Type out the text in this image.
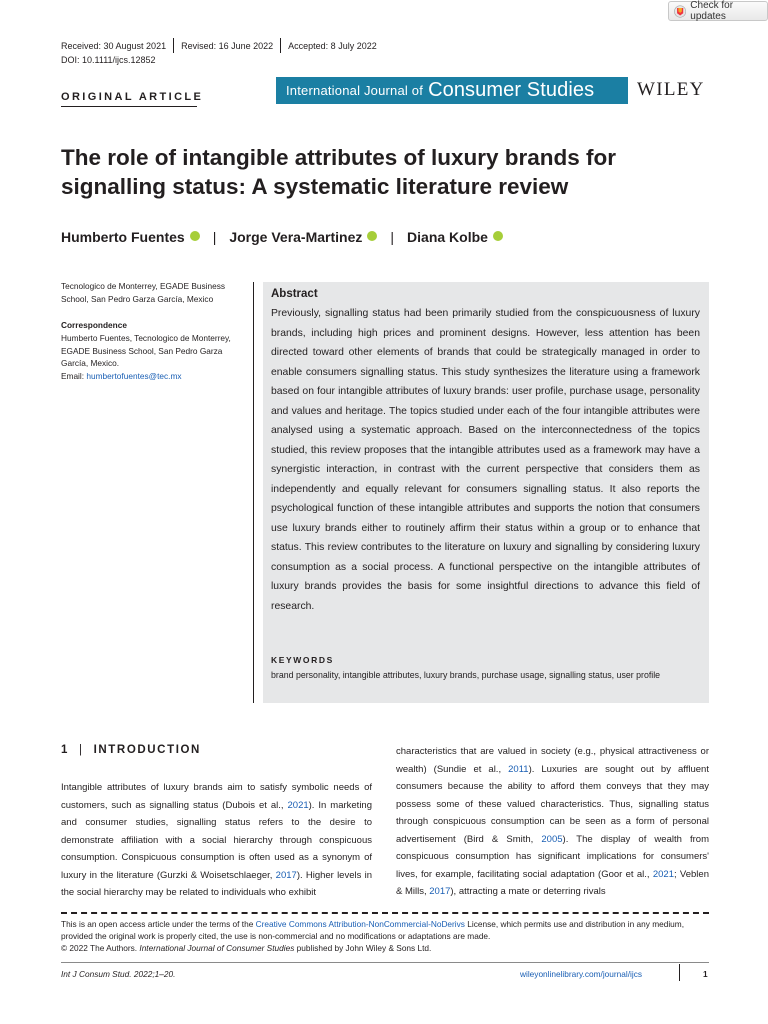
Check for updates
Received: 30 August 2021 Revised: 16 June 2022 Accepted: 8 July 2022
DOI: 10.1111/ijcs.12852
ORIGINAL ARTICLE	International Journal of Consumer Studies WILEY
The role of intangible attributes of luxury brands for signalling status: A systematic literature review
Humberto Fuentes | Jorge Vera-Martinez | Diana Kolbe
Tecnologico de Monterrey, EGADE Business School, San Pedro Garza García, Mexico
Correspondence
Humberto Fuentes, Tecnologico de Monterrey, EGADE Business School, San Pedro Garza García, Mexico.
Email: humbertofuentes@tec.mx
Abstract
Previously, signalling status had been primarily studied from the conspicuousness of luxury brands, including high prices and prominent designs. However, less attention has been directed toward other elements of brands that could be strategically managed in order to enable consumers signalling status. This study synthesizes the literature using a framework based on four intangible attributes of luxury brands: user profile, purchase usage, personality and values and heritage. The topics studied under each of the four intangible attributes were analysed using a systematic approach. Based on the interconnectedness of the topics studied, this review proposes that the intangible attributes used as a framework may have a synergistic interaction, in contrast with the current perspective that considers them as independently and equally relevant for consumers signalling status. It also reports the psychological function of these intangible attributes and supports the notion that consumers use luxury brands either to routinely affirm their status within a group or to enhance that status. This review contributes to the literature on luxury and signalling by considering luxury consumption as a social process. A functional perspective on the intangible attributes of luxury brands provides the basis for some insightful directions to advance this field of research.
KEYWORDS
brand personality, intangible attributes, luxury brands, purchase usage, signalling status, user profile
1 | INTRODUCTION
Intangible attributes of luxury brands aim to satisfy symbolic needs of customers, such as signalling status (Dubois et al., 2021). In marketing and consumer studies, signalling status refers to the desire to demonstrate affiliation with a social hierarchy through conspicuous consumption. Conspicuous consumption is often used as a synonym of luxury in the literature (Gurzki & Woisetschlaeger, 2017). Higher levels in the social hierarchy may be related to individuals who exhibit
characteristics that are valued in society (e.g., physical attractiveness or wealth) (Sundie et al., 2011). Luxuries are sought out by affluent consumers because the ability to afford them conveys that they may possess some of these valued characteristics. Thus, signalling status through conspicuous consumption can be seen as a form of personal advertisement (Bird & Smith, 2005). The display of wealth from conspicuous consumption has significant implications for consumers' lives, for example, facilitating social adaptation (Goor et al., 2021; Veblen & Mills, 2017), attracting a mate or deterring rivals
This is an open access article under the terms of the Creative Commons Attribution-NonCommercial-NoDerivs License, which permits use and distribution in any medium, provided the original work is properly cited, the use is non-commercial and no modifications or adaptations are made.
© 2022 The Authors. International Journal of Consumer Studies published by John Wiley & Sons Ltd.
Int J Consum Stud. 2022;1–20.	wileyonlinelibrary.com/journal/ijcs	1
